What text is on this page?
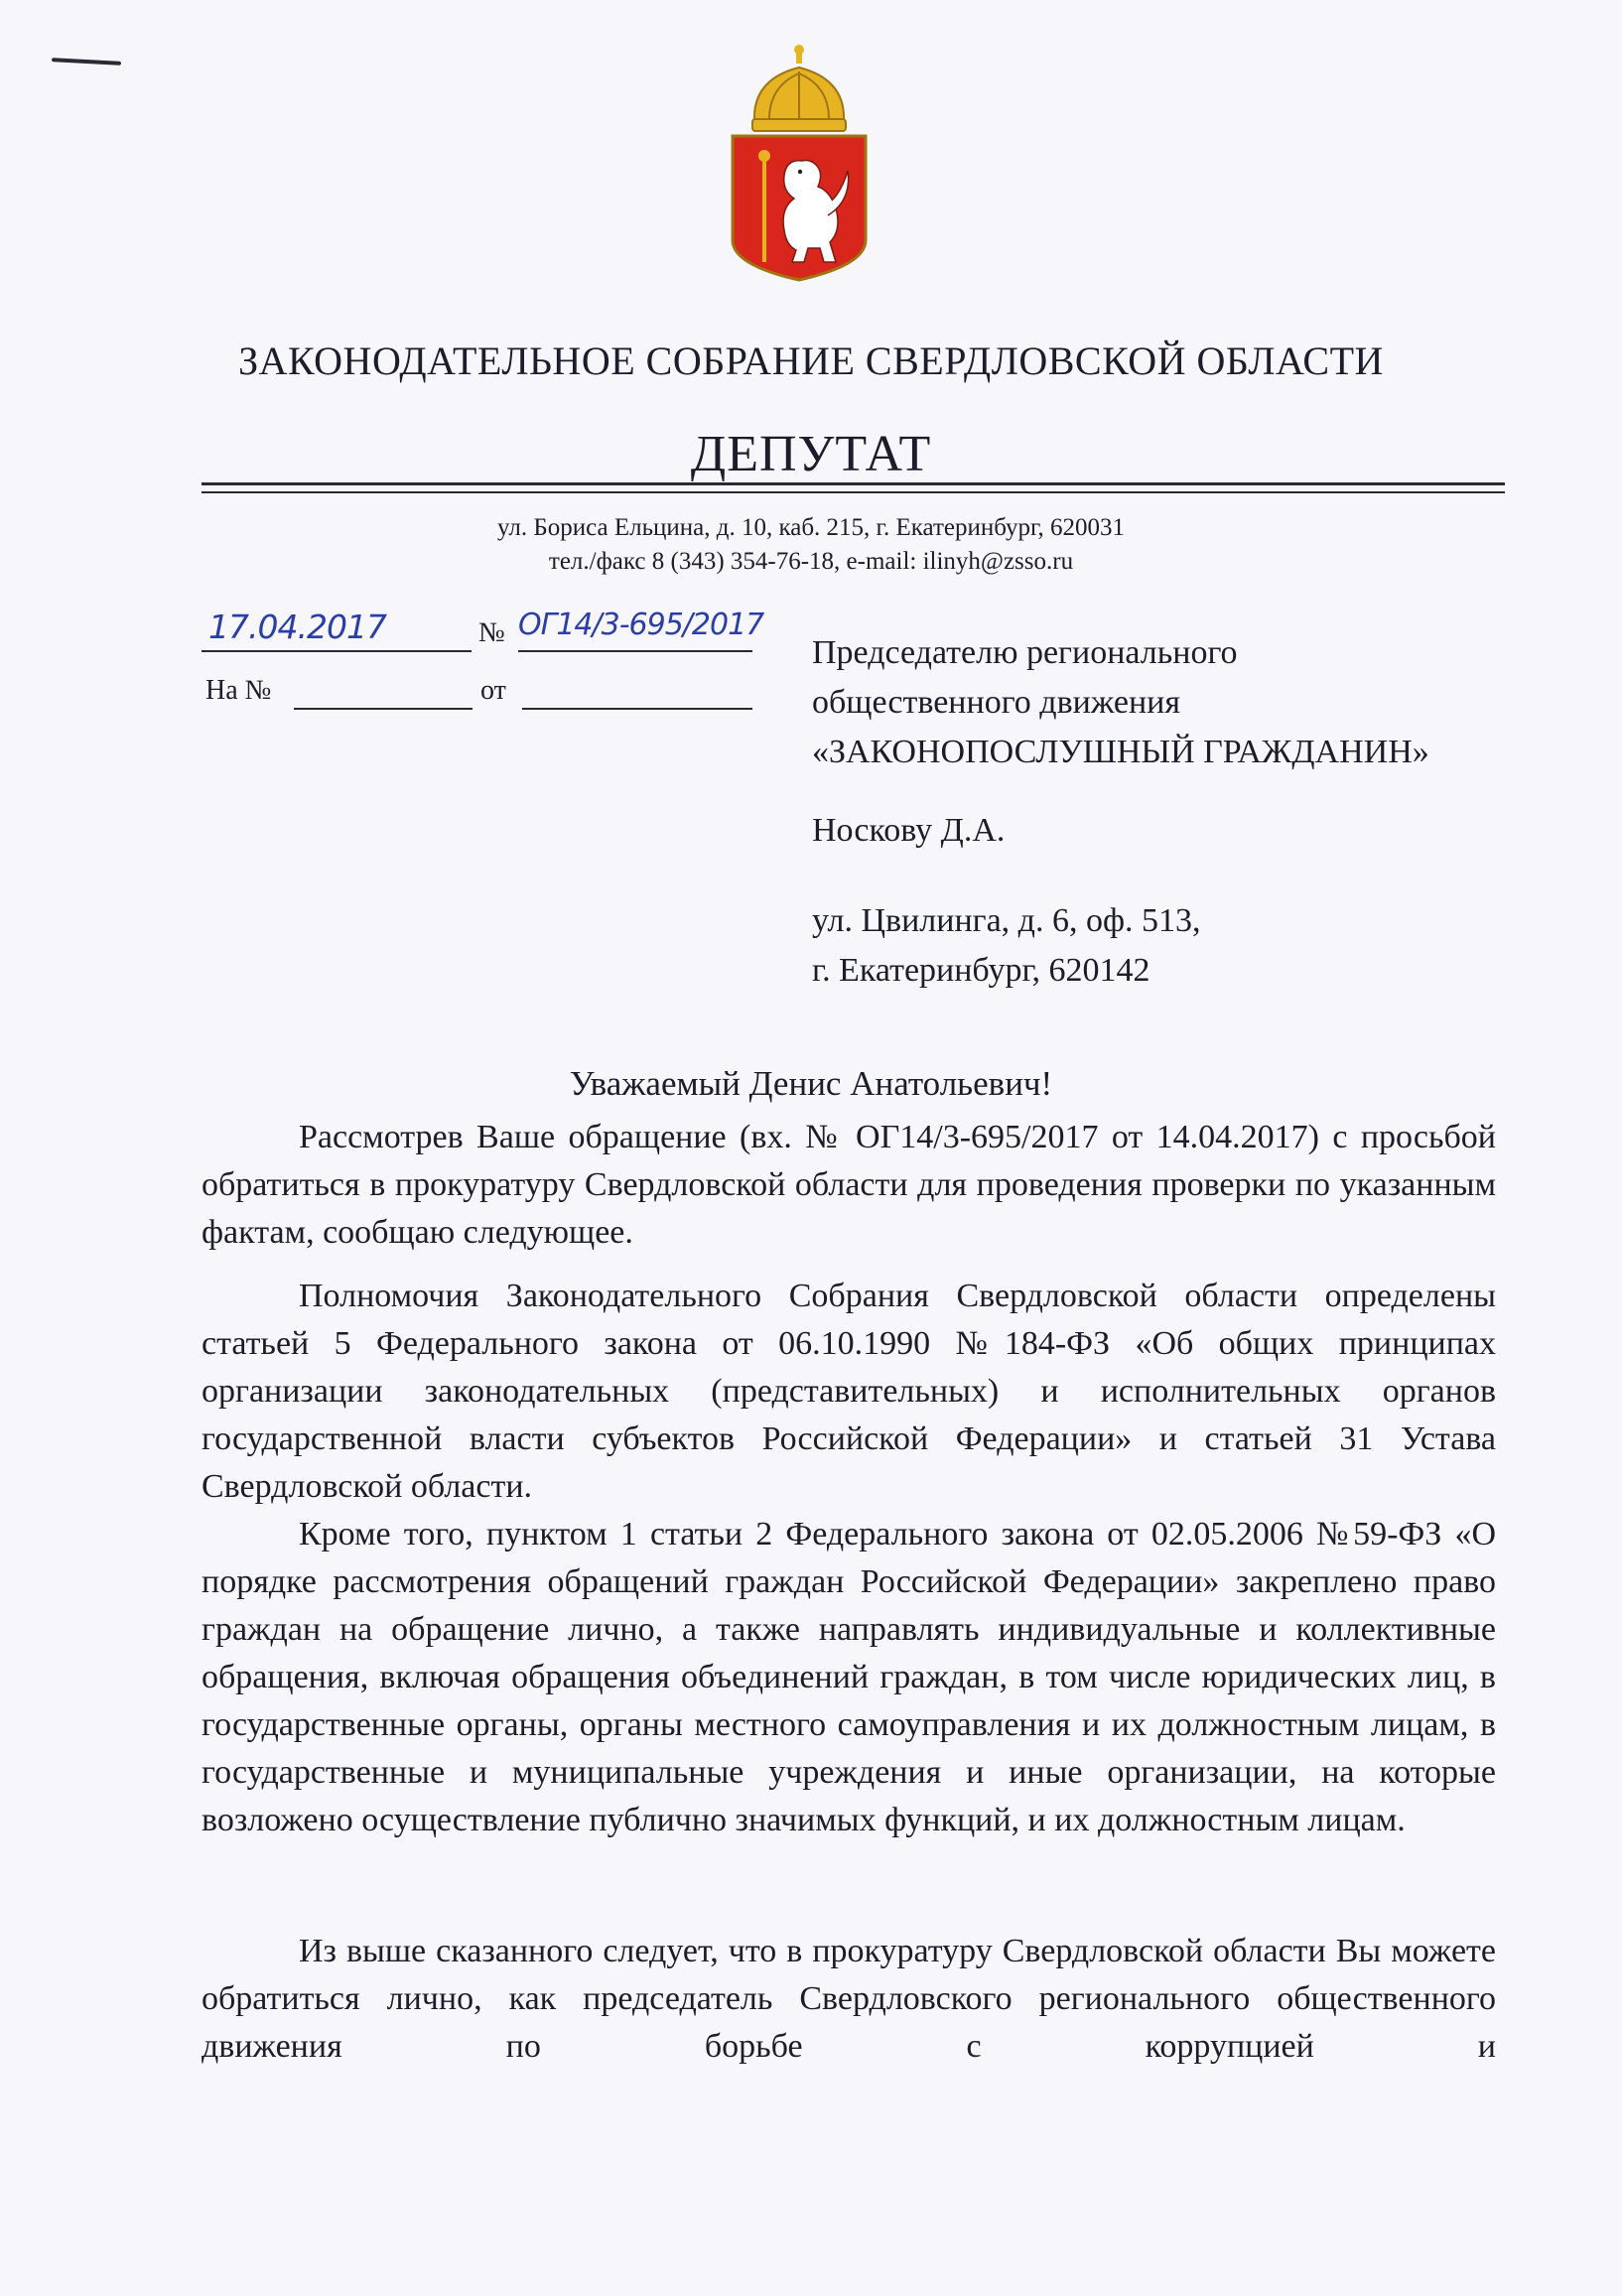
ЗАКОНОДАТЕЛЬНОЕ СОБРАНИЕ СВЕРДЛОВСКОЙ ОБЛАСТИ
ДЕПУТАТ
ул. Бориса Ельцина, д. 10, каб. 215, г. Екатеринбург, 620031
тел./факс 8 (343) 354-76-18, e-mail: ilinyh@zsso.ru
17.04.2017	№ ОГ14/3-695/2017
На №	от
Председателю регионального
общественного движения
«ЗАКОНОПОСЛУШНЫЙ ГРАЖДАНИН»
Носкову Д.А.
ул. Цвилинга, д. 6, оф. 513,
г. Екатеринбург, 620142
Уважаемый Денис Анатольевич!

Рассмотрев Ваше обращение (вх. № ОГ14/3-695/2017 от 14.04.2017) с просьбой обратиться в прокуратуру Свердловской области для проведения проверки по указанным фактам, сообщаю следующее.

Полномочия Законодательного Собрания Свердловской области определены статьей 5 Федерального закона от 06.10.1990 №184-ФЗ «Об общих принципах организации законодательных (представительных) и исполнительных органов государственной власти субъектов Российской Федерации» и статьей 31 Устава Свердловской области.

Кроме того, пунктом 1 статьи 2 Федерального закона от 02.05.2006 №59-ФЗ «О порядке рассмотрения обращений граждан Российской Федерации» закреплено право граждан на обращение лично, а также направлять индивидуальные и коллективные обращения, включая обращения объединений граждан, в том числе юридических лиц, в государственные органы, органы местного самоуправления и их должностным лицам, в государственные и муниципальные учреждения и иные организации, на которые возложено осуществление публично значимых функций, и их должностным лицам.

Из выше сказанного следует, что в прокуратуру Свердловской области Вы можете обратиться лично, как председатель Свердловского регионального общественного движения по борьбе с коррупцией и
